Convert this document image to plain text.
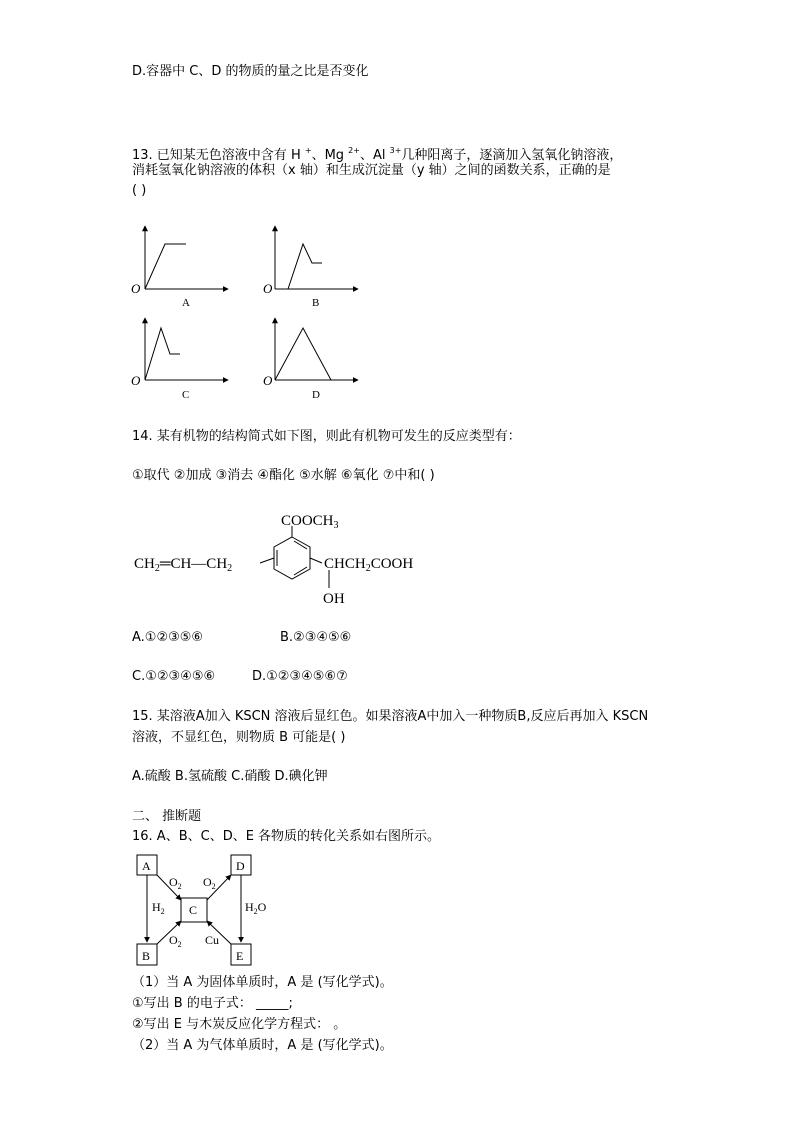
D.容器中 C、D 的物质的量之比是否变化
13. 已知某无色溶液中含有 H +、Mg $^{2+}$、Al $^{3+}$几种阳离子，逐滴加入氢氧化钠溶液，
消耗氢氧化钠溶液的体积（x 轴）和生成沉淀量（y 轴）之间的函数关系，正确的是
( )
O
A
O
B
O
C
O
D
14. 某有机物的结构简式如下图，则此有机物可发生的反应类型有：
①取代 ②加成 ③消去 ④酯化 ⑤水解 ⑥氧化 ⑦中和( )
$COOCH_3$
$CH_2═CH—CH_2$	$CHCH_2COOH$
OH
A.①②③⑤⑥	B.②③④⑤⑥
C.①②③④⑤⑥	D.①②③④⑤⑥⑦
15. 某溶液A加入 KSCN 溶液后显红色。如果溶液A中加入一种物质B,反应后再加入 KSCN
溶液，不显红色，则物质 B 可能是( )
A.硫酸 B.氢硫酸 C.硝酸 D.碘化钾
二、 推断题
16. A、B、C、D、E 各物质的转化关系如右图所示。
A	D
C
B	E
$O_2$ $O_2$
$H_2$	$H_2O$
$O_2$ Cu
（1）当 A 为固体单质时，A 是 (写化学式)。
①写出 B 的电子式： _____;
②写出 E 与木炭反应化学方程式： 。
（2）当 A 为气体单质时，A 是 (写化学式)。
